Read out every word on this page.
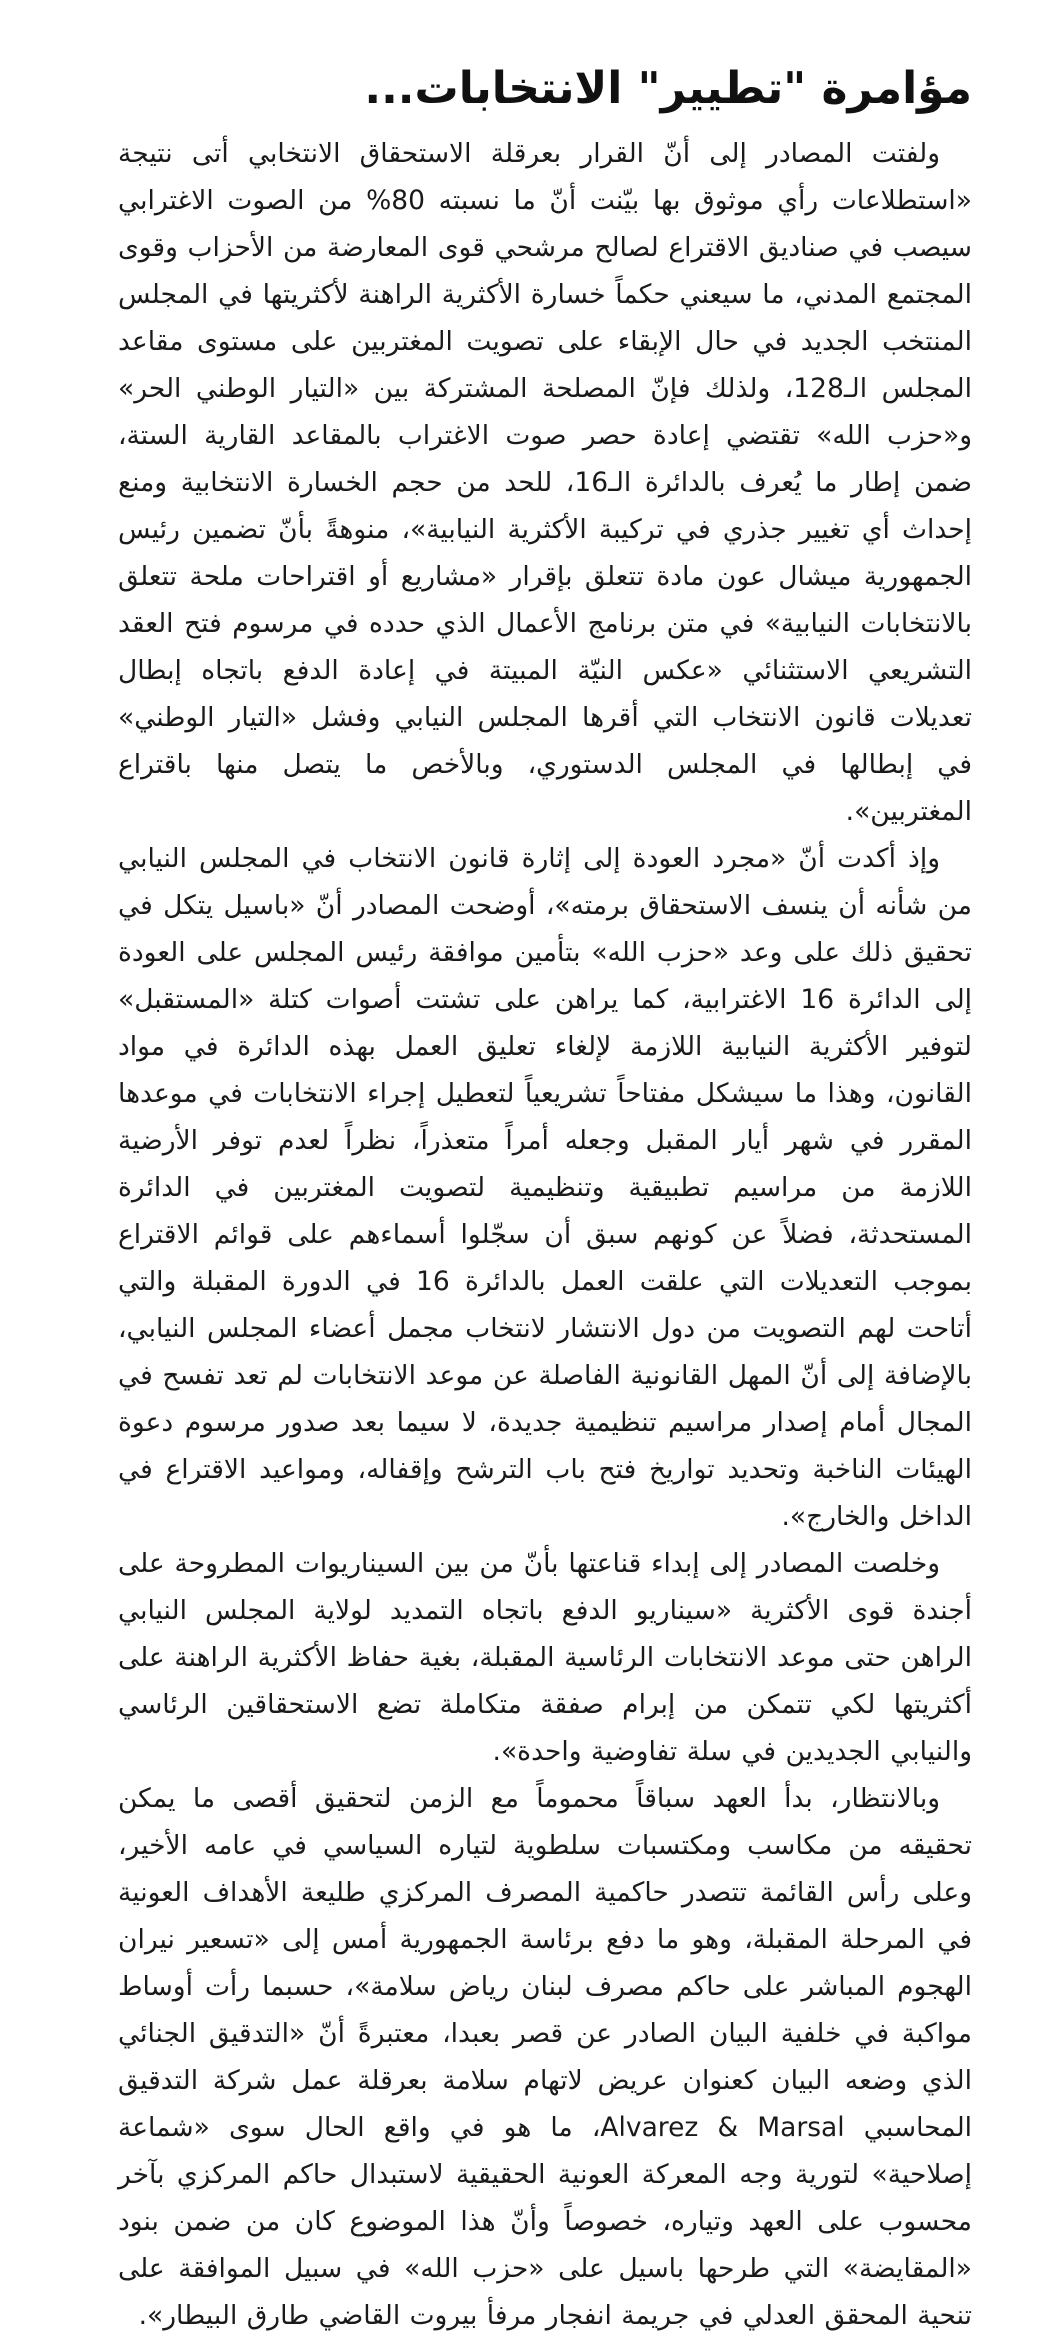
مؤامرة "تطيير" الانتخابات...

ولفتت المصادر إلى أنّ القرار بعرقلة الاستحقاق الانتخابي أتى نتيجة «استطلاعات رأي موثوق بها بيّنت أنّ ما نسبته 80% من الصوت الاغترابي سيصب في صناديق الاقتراع لصالح مرشحي قوى المعارضة من الأحزاب وقوى المجتمع المدني، ما سيعني حكماً خسارة الأكثرية الراهنة لأكثريتها في المجلس المنتخب الجديد في حال الإبقاء على تصويت المغتربين على مستوى مقاعد المجلس الـ128، ولذلك فإنّ المصلحة المشتركة بين «التيار الوطني الحر» و«حزب الله» تقتضي إعادة حصر صوت الاغتراب بالمقاعد القارية الستة، ضمن إطار ما يُعرف بالدائرة الـ16، للحد من حجم الخسارة الانتخابية ومنع إحداث أي تغيير جذري في تركيبة الأكثرية النيابية»، منوهةً بأنّ تضمين رئيس الجمهورية ميشال عون مادة تتعلق بإقرار «مشاريع أو اقتراحات ملحة تتعلق بالانتخابات النيابية» في متن برنامج الأعمال الذي حدده في مرسوم فتح العقد التشريعي الاستثنائي «عكس النيّة المبيتة في إعادة الدفع باتجاه إبطال تعديلات قانون الانتخاب التي أقرها المجلس النيابي وفشل «التيار الوطني» في إبطالها في المجلس الدستوري، وبالأخص ما يتصل منها باقتراع المغتربين».

وإذ أكدت أنّ «مجرد العودة إلى إثارة قانون الانتخاب في المجلس النيابي من شأنه أن ينسف الاستحقاق برمته»، أوضحت المصادر أنّ «باسيل يتكل في تحقيق ذلك على وعد «حزب الله» بتأمين موافقة رئيس المجلس على العودة إلى الدائرة 16 الاغترابية، كما يراهن على تشتت أصوات كتلة «المستقبل» لتوفير الأكثرية النيابية اللازمة لإلغاء تعليق العمل بهذه الدائرة في مواد القانون، وهذا ما سيشكل مفتاحاً تشريعياً لتعطيل إجراء الانتخابات في موعدها المقرر في شهر أيار المقبل وجعله أمراً متعذراً، نظراً لعدم توفر الأرضية اللازمة من مراسيم تطبيقية وتنظيمية لتصويت المغتربين في الدائرة المستحدثة، فضلاً عن كونهم سبق أن سجّلوا أسماءهم على قوائم الاقتراع بموجب التعديلات التي علقت العمل بالدائرة 16 في الدورة المقبلة والتي أتاحت لهم التصويت من دول الانتشار لانتخاب مجمل أعضاء المجلس النيابي، بالإضافة إلى أنّ المهل القانونية الفاصلة عن موعد الانتخابات لم تعد تفسح في المجال أمام إصدار مراسيم تنظيمية جديدة، لا سيما بعد صدور مرسوم دعوة الهيئات الناخبة وتحديد تواريخ فتح باب الترشح وإقفاله، ومواعيد الاقتراع في الداخل والخارج».

وخلصت المصادر إلى إبداء قناعتها بأنّ من بين السيناريوات المطروحة على أجندة قوى الأكثرية «سيناريو الدفع باتجاه التمديد لولاية المجلس النيابي الراهن حتى موعد الانتخابات الرئاسية المقبلة، بغية حفاظ الأكثرية الراهنة على أكثريتها لكي تتمكن من إبرام صفقة متكاملة تضع الاستحقاقين الرئاسي والنيابي الجديدين في سلة تفاوضية واحدة».

وبالانتظار، بدأ العهد سباقاً محموماً مع الزمن لتحقيق أقصى ما يمكن تحقيقه من مكاسب ومكتسبات سلطوية لتياره السياسي في عامه الأخير، وعلى رأس القائمة تتصدر حاكمية المصرف المركزي طليعة الأهداف العونية في المرحلة المقبلة، وهو ما دفع برئاسة الجمهورية أمس إلى «تسعير نيران الهجوم المباشر على حاكم مصرف لبنان رياض سلامة»، حسبما رأت أوساط مواكبة في خلفية البيان الصادر عن قصر بعبدا، معتبرةً أنّ «التدقيق الجنائي الذي وضعه البيان كعنوان عريض لاتهام سلامة بعرقلة عمل شركة التدقيق المحاسبي Alvarez & Marsal، ما هو في واقع الحال سوى «شماعة إصلاحية» لتورية وجه المعركة العونية الحقيقية لاستبدال حاكم المركزي بآخر محسوب على العهد وتياره، خصوصاً وأنّ هذا الموضوع كان من ضمن بنود «المقايضة» التي طرحها باسيل على «حزب الله» في سبيل الموافقة على تنحية المحقق العدلي في جريمة انفجار مرفأ بيروت القاضي طارق البيطار».
